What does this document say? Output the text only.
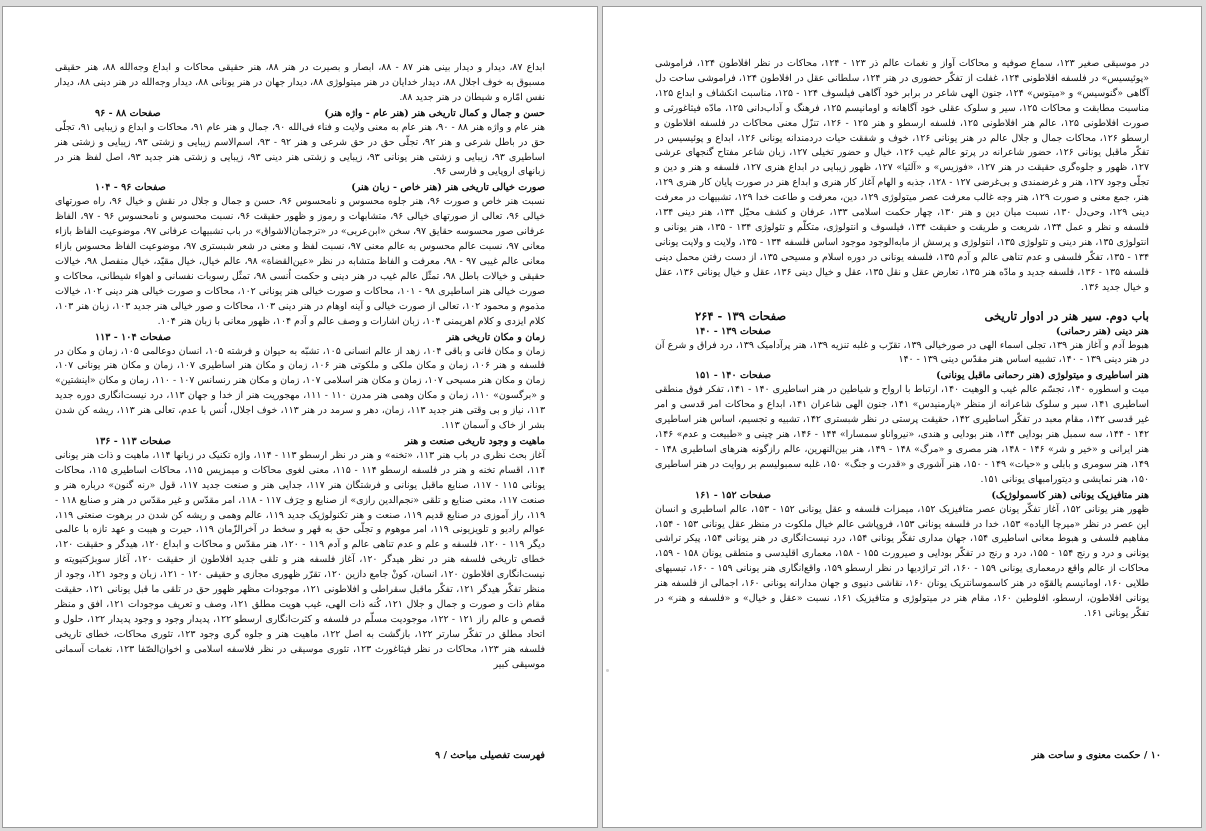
ابداع ۸۷، دیدار و دیدار بینی هنر ۸۷ - ۸۸، ابصار و بصیرت در هنر ۸۸، هنر حقیقی محاکات و ابداع وجه‌الله ۸۸، هنر حقیقی مسبوق به خوف اجلال ۸۸، دیدار خدایان در هنر میتولوژی ۸۸، دیدار جهان در هنر یونانی ۸۸، دیدار وجه‌الله در هنر دینی ۸۸، دیدار نفس امّاره و شیطان در هنر جدید ۸۸.

حسن و جمال و کمال تاریخی هنر (هنر عام - واژه هنر)
صفحات ۸۸ - ۹۶

هنر عام و واژه هنر ۸۸ - ۹۰، هنر عام به معنی ولایت و فناء فی‌الله ۹۰، جمال و هنر عام ۹۱، محاکات و ابداع و زیبایی ۹۱، تجلّی حق در باطل شرعی و هنر ۹۲، تجلّی حق در حق شرعی و هنر ۹۲ - ۹۳، اسم‌الاسم زیبایی و زشتی ۹۳، زیبایی و زشتی هنر اساطیری ۹۳، زیبایی و زشتی هنر یونانی ۹۳، زیبایی و زشتی هنر دینی ۹۳، زیبایی و زشتی هنر جدید ۹۳، اصل لفظ هنر در زبانهای اروپایی و فارسی ۹۶.

صورت خیالی تاریخی هنر (هنر خاص - زبان هنر)
صفحات ۹۶ - ۱۰۴

نسبت هنر خاص و صورت ۹۶، هنر جلوه محسوس و نامحسوس ۹۶، حسن و جمال و جلال در نقش و خیال ۹۶، راه صورتهای خیالی ۹۶، تعالی از صورتهای خیالی ۹۶، متشابهات و رموز و ظهور حقیقت ۹۶، نسبت محسوس و نامحسوس ۹۶ - ۹۷، الفاظ عرفانی صور محسوسه حقایق ۹۷، سخن «ابن‌عربی» در «ترجمان‌الاشواق» در باب تشبیهات عرفانی ۹۷، موضوعیت الفاظ بازاء معانی ۹۷، نسبت عالم محسوس به عالم معنی ۹۷، نسبت لفظ و معنی در شعر شبستری ۹۷، موضوعیت الفاظ محسوس بازاء معانی عالم غیبی ۹۷ - ۹۸، معرفت و الفاظ متشابه در نظر «عین‌القضاة» ۹۸، عالم خیال، خیال مقیّد، خیال منفصل ۹۸، خیالات حقیقی و خیالات باطل ۹۸، تمثّل عالم غیب در هنر دینی و حکمت اُنسی ۹۸، تمثّل رسوبات نفسانی و اهواء شیطانی، محاکات و صورت خیالی هنر اساطیری ۹۸ - ۱۰۱، محاکات و صورت خیالی هنر یونانی ۱۰۲، محاکات و صورت خیالی هنر دینی ۱۰۲، خیالات مذموم و محمود ۱۰۲، تعالی از صورت خیالی و آینه اوهام در هنر دینی ۱۰۳، محاکات و صور خیالی هنر جدید ۱۰۳، زبان هنر ۱۰۳، کلام ایزدی و کلام اهریمنی ۱۰۴، زبان اشارات و وصف عالم و آدم ۱۰۴، ظهور معانی با زبان هنر ۱۰۴.

زمان و مکان تاریخی هنر
صفحات ۱۰۴ - ۱۱۳

زمان و مکان فانی و باقی ۱۰۴، زهد از عالم انسانی ۱۰۵، تشبّه به حیوان و فرشته ۱۰۵، انسان دوعالمی ۱۰۵، زمان و مکان در فلسفه و هنر ۱۰۶، زمان و مکان ملکی و ملکوتی هنر ۱۰۶، زمان و مکان هنر اساطیری ۱۰۷، زمان و مکان هنر یونانی ۱۰۷، زمان و مکان هنر مسیحی ۱۰۷، زمان و مکان هنر اسلامی ۱۰۷، زمان و مکان هنر رنسانس ۱۰۷ - ۱۱۰، زمان و مکان «اینشتین» و «برگسون» ۱۱۰، زمان و مکان وهمی هنر مدرن ۱۱۰ - ۱۱۱، مهجوریت هنر از خدا و جهان ۱۱۳، درد نیست‌انگاری دوره جدید ۱۱۳، نیاز و بی وقتی هنر جدید ۱۱۳، زمان، دهر و سرمد در هنر ۱۱۳، خوف اجلال، اُنس با عدم، تعالی هنر ۱۱۳، ریشه کن شدن بشر از خاک و آسمان ۱۱۳.

ماهیت و وجود تاریخی صنعت و هنر
صفحات ۱۱۳ - ۱۳۶

آغاز بحث نظری در باب هنر ۱۱۳، «تخنه» و هنر در نظر ارسطو ۱۱۳ - ۱۱۴، واژه تکنیک در زبانها ۱۱۴، ماهیت و ذات هنر یونانی ۱۱۴، اقسام تخنه و هنر در فلسفه ارسطو ۱۱۴ - ۱۱۵، معنی لغوی محاکات و میمزیس ۱۱۵، محاکات اساطیری ۱۱۵، محاکات یونانی ۱۱۵ - ۱۱۷، صنایع ماقبل یونانی و فرشتگان هنر ۱۱۷، جدایی هنر و صنعت جدید ۱۱۷، قول «رنه گنون» درباره هنر و صنعت ۱۱۷، معنی صنایع و تلقی «نجم‌الدین رازی» از صنایع و حِرَف ۱۱۷ - ۱۱۸، امر مقدّس و غیر مقدّس در هنر و صنایع ۱۱۸ - ۱۱۹، راز آموزی در صنایع قدیم ۱۱۹، صنعت و هنر تکنولوژیک جدید ۱۱۹، عالم وهمی و ریشه کن شدن در برهوت صنعتی ۱۱۹، عوالم رادیو و تلویزیونی ۱۱۹، امر موهوم و تجلّی حق به قهر و سخط در آخرالزّمان ۱۱۹، حیرت و هیبت و عهد تازه با عالمی دیگر ۱۱۹ - ۱۲۰، فلسفه و علم و عدم تناهی عالم و آدم ۱۱۹ - ۱۲۰، هنر مقدّس و محاکات و ابداع ۱۲۰، هیدگر و حقیقت ۱۲۰، خطای تاریخی فلسفه هنر در نظر هیدگر ۱۲۰، آغاز فلسفه هنر و تلقی جدید افلاطون از حقیقت ۱۲۰، آغاز سوبژکتیویته و نیست‌انگاری افلاطون ۱۲۰، انسان، کونْ جامع دازین ۱۲۰، تقرّر ظهوری مجازی و حقیقی ۱۲۰ - ۱۲۱، زبان و وجود ۱۲۱، وجود از منظر تفکّر هیدگر ۱۲۱، تفکّر ماقبل سقراطی و افلاطونی ۱۲۱، موجودات مظهر ظهور حق در تلقی ما قبل یونانی ۱۲۱، حقیقت مقام ذات و صورت و جمال و جلال ۱۲۱، کُنه ذات الهی، غیب هویت مطلق ۱۲۱، وصف و تعریف موجودات ۱۲۱، افق و منظر قصص و عالم راز ۱۲۱ - ۱۲۲، موجودیت مسلّم در فلسفه و کثرت‌انگاری ارسطو ۱۲۲، پدیدار وجود و وجود پدیدار ۱۲۲، حلول و اتحاد مطلق در تفکّر سارتر ۱۲۲، بازگشت به اصل ۱۲۲، ماهیت هنر و جلوه گری وجود ۱۲۳، تئوری محاکات، خطای تاریخی فلسفه هنر ۱۲۳، محاکات در نظر فیثاغورث ۱۲۳، تئوری موسیقی در نظر فلاسفه اسلامی و اخوان‌الصّفا ۱۲۳، نغمات آسمانی موسیقی کبیر

فهرست تفصیلی مباحث / ۹

در موسیقی صغیر ۱۲۳، سماع صوفیه و محاکات آواز و نغمات عالم ذر ۱۲۳ - ۱۲۴، محاکات در نظر افلاطون ۱۲۴، فراموشی «پوئیسیس» در فلسفه افلاطونی ۱۲۴، غفلت از تفکّر حضوری در هنر ۱۲۴، سلطانی عقل در افلاطون ۱۲۴، فراموشی ساحت دل آگاهی «گنوسیس» و «میتوس» ۱۲۴، جنون الهی شاعر در برابر خود آگاهی فیلسوف ۱۲۴ - ۱۲۵، مناسبت انکشاف و ابداع ۱۲۵، مناسبت مطابقت و محاکات ۱۲۵، سیر و سلوک عقلی خود آگاهانه و اومانیسم ۱۲۵، فرهنگ و آداب‌دانی ۱۲۵، مادّه فیثاغورثی و صورت افلاطونی ۱۲۵، عالم هنر افلاطونی ۱۲۵، فلسفه ارسطو و هنر ۱۲۵ - ۱۲۶، تنزّل معنی محاکات در فلسفه افلاطون و ارسطو ۱۲۶، محاکات جمال و جلال عالم در هنر یونانی ۱۲۶، خوف و شفقت حیات دردمندانه یونانی ۱۲۶، ابداع و پوئیسیس در تفکّر ماقبل یونانی ۱۲۶، حضور شاعرانه در پرتو عالم غیب ۱۲۶، خیال و حضور تخیلی ۱۲۷، زبان شاعر مفتاح گنجهای عرشی ۱۲۷، ظهور و جلوه‌گری حقیقت در هنر ۱۲۷، «فوزیس» و «آلثیا» ۱۲۷، ظهور زیبایی در ابداع هنری ۱۲۷، فلسفه و هنر و دین و تجلّی وجود ۱۲۷، هنر و غرضمندی و بی‌غرضی ۱۲۷ - ۱۲۸، جذبه و الهام آغاز کار هنری و ابداع هنر در صورت پایان کار هنری ۱۲۹، هنر، جمع معنی و صورت ۱۲۹، هنر وجه غالب معرفت عصر میتولوژی ۱۲۹، دین، معرفت و طاعت خدا ۱۲۹، تشبیهات در معرفت دینی ۱۲۹، وحی‌دل ۱۳۰، نسبت میان دین و هنر ۱۳۰، چهار حکمت اسلامی ۱۳۳، عرفان و کشف محیّل ۱۳۴، هنر دینی ۱۳۴، فلسفه و نظر و عمل ۱۳۴، شریعت و طریقت و حقیقت ۱۳۴، فیلسوف و انتولوژی، متکلّم و تئولوژی ۱۳۴ - ۱۳۵، هنر یونانی و انتولوژی ۱۳۵، هنر دینی و تئولوژی ۱۳۵، انتولوژی و پرسش از مابه‌الوجود موجود اساس فلسفه ۱۳۴ - ۱۳۵، ولایت و ولایت یونانی ۱۳۴ - ۱۳۵، تفکّر فلسفی و عدم تناهی عالم و آدم ۱۳۵، فلسفه یونانی در دوره اسلام و مسیحی ۱۳۵، از دست رفتن محمل دینی فلسفه ۱۳۵ - ۱۳۶، فلسفه جدید و مادّه هنر ۱۳۵، تعارض عقل و نقل ۱۳۵، عقل و خیال دینی ۱۳۶، عقل و خیال یونانی ۱۳۶، عقل و خیال جدید ۱۳۶.

باب دوم. سیر هنر در ادوار تاریخی
صفحات ۱۳۹ - ۲۶۴
هنر دینی (هنر رحمانی)
صفحات ۱۳۹ - ۱۴۰

هبوط آدم و آغاز هنر ۱۳۹، تجلی اسماء الهی در صورخیالی ۱۳۹، تقرّب و غلبه تنزیه ۱۳۹، هنر پرآدامیک ۱۳۹، درد فراق و شرع آن در هنر دینی ۱۳۹ - ۱۴۰، تشبیه اساس هنر مقدّس دینی ۱۳۹ - ۱۴۰

هنر اساطیری و میتولوژی (هنر رحمانی ماقبل یونانی)
صفحات ۱۴۰ - ۱۵۱

میت و اسطوره ۱۴۰، تجسّم عالم غیب و الوهیت ۱۴۰، ارتباط با ارواح و شیاطین در هنر اساطیری ۱۴۰ - ۱۴۱، تفکر فوق منطقی اساطیری ۱۴۱، سیر و سلوک شاعرانه از منظر «پارمنیدس» ۱۴۱، جنون الهی شاعران ۱۴۱، ابداع و محاکات امر قدسی و امر غیر قدسی ۱۴۲، مقام معبد در تفکّر اساطیری ۱۴۲، حقیقت پرستی در نظر شبستری ۱۴۲، تشبیه و تجسیم، اساس هنر اساطیری ۱۴۲ - ۱۴۴، سه سمبل هنر بودایی ۱۴۴، هنر بودایی و هندی، «نیرواناو سمسارا» ۱۴۴ - ۱۴۶، هنر چینی و «طبیعت و عدم» ۱۴۶، هنر ایرانی و «خیر و شر» ۱۴۶ - ۱۴۸، هنر مصری و «مرگ» ۱۴۸ - ۱۴۹، هنر بین‌النهرین، عالم رازگونه هنرهای اساطیری ۱۴۸ - ۱۴۹، هنر سومری و بابلی و «حیات» ۱۴۹ - ۱۵۰، هنر آشوری و «قدرت و جنگ» ۱۵۰، غلبه سمبولیسم بر روایت در هنر اساطیری ۱۵۰، هنر نمایشی و دیتورامبهای یونانی ۱۵۱.

هنر متافیزیک یونانی (هنر کاسمولوژیک)
صفحات ۱۵۲ - ۱۶۱

ظهور هنر یونانی ۱۵۲، آغاز تفکّر یونان عصر متافیزیک ۱۵۲، میمزات فلسفه و عقل یونانی ۱۵۲ - ۱۵۳، عالم اساطیری و انسان این عصر در نظر «میرچا الیاده» ۱۵۳، خدا در فلسفه یونانی ۱۵۳، فروپاشی عالم خیال ملکوت در منظر عقل یونانی ۱۵۳ - ۱۵۴، مفاهیم فلسفی و هبوط معانی اساطیری ۱۵۴، جهان مداری تفکّر یونانی ۱۵۴، درد نیست‌انگاری در هنر یونانی ۱۵۴، پیکر تراشی یونانی و درد و رنج ۱۵۴ - ۱۵۵، درد و رنج در تفکّر بودایی و صیرورت ۱۵۵ - ۱۵۸، معماری اقلیدسی و منطقی یونان ۱۵۸ - ۱۵۹، محاکات از عالم واقع درمعماری یونانی ۱۵۹ - ۱۶۰، اثر تراژدیها در نظر ارسطو ۱۵۹، واقع‌انگاری هنر یونانی ۱۵۹ - ۱۶۰، تبسیهای طلایی ۱۶۰، اومانیسم یالقوّه در هنر کاسموسانتریک یونان ۱۶۰، نقاشی دنیوی و جهان مدارانه یونانی ۱۶۰، اجمالی از فلسفه هنر یونانی افلاطون، ارسطو، افلوطین ۱۶۰، مقام هنر در میتولوژی و متافیزیک ۱۶۱، نسبت «عقل و خیال» و «فلسفه و هنر» در تفکّر یونانی ۱۶۱.

۱۰ / حکمت معنوی و ساحت هنر
